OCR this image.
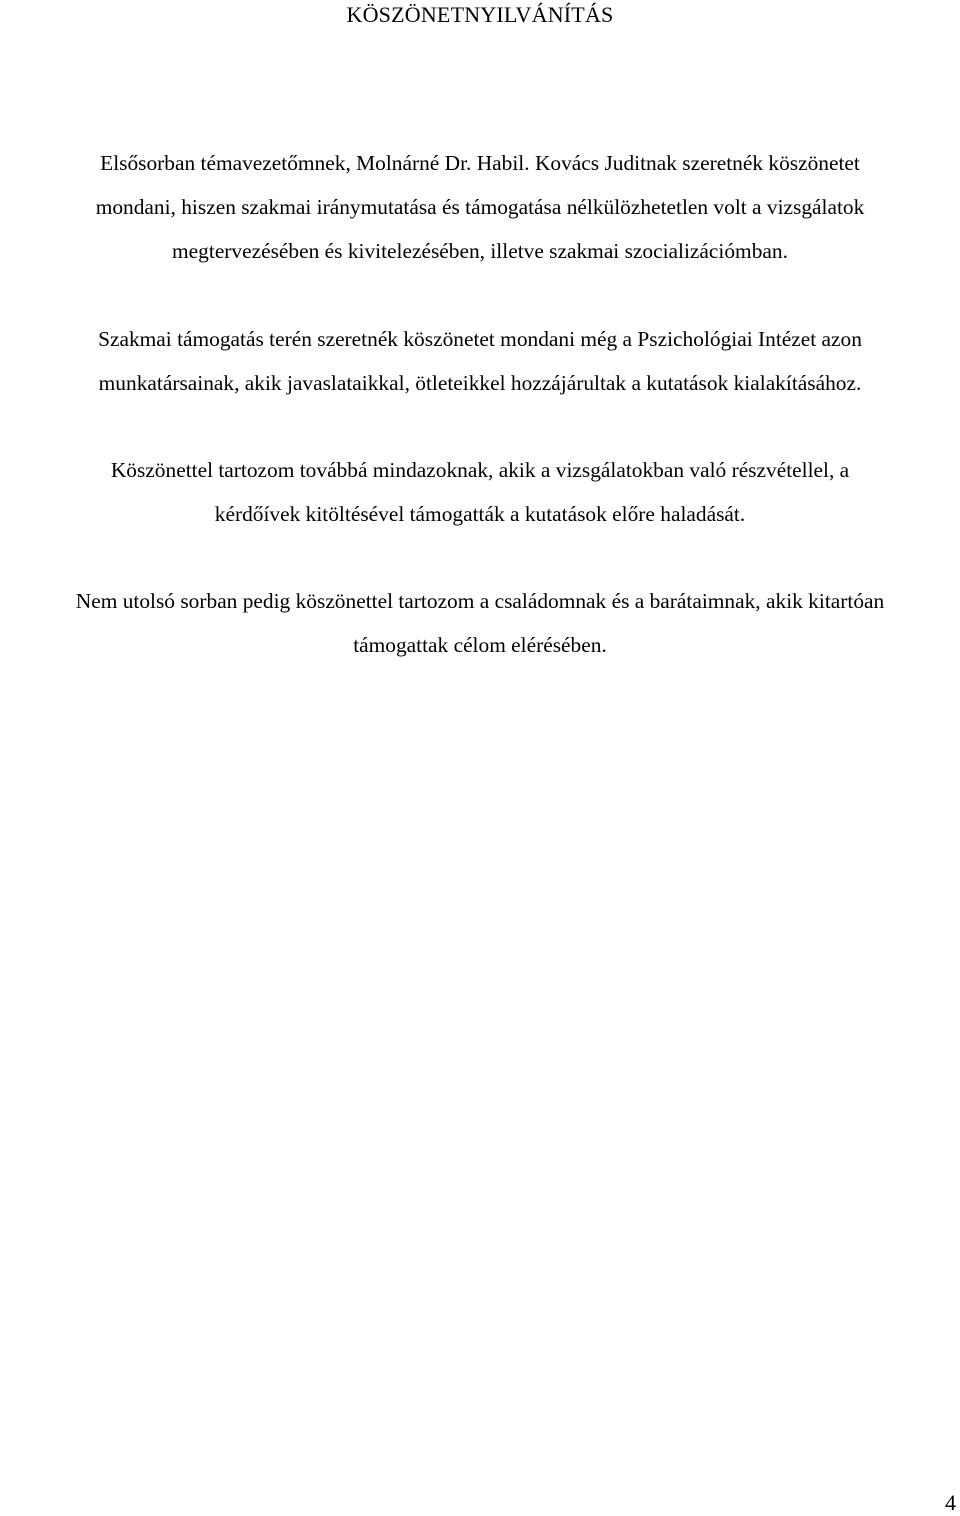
KÖSZÖNETNYILVÁNÍTÁS

Elsősorban témavezetőmnek, Molnárné Dr. Habil. Kovács Juditnak szeretnék köszönetet
mondani, hiszen szakmai iránymutatása és támogatása nélkülözhetetlen volt a vizsgálatok
megtervezésében és kivitelezésében, illetve szakmai szocializációmban.

Szakmai támogatás terén szeretnék köszönetet mondani még a Pszichológiai Intézet azon
munkatársainak, akik javaslataikkal, ötleteikkel hozzájárultak a kutatások kialakításához.

Köszönettel tartozom továbbá mindazoknak, akik a vizsgálatokban való részvétellel, a
kérdőívek kitöltésével támogatták a kutatások előre haladását.

Nem utolsó sorban pedig köszönettel tartozom a családomnak és a barátaimnak, akik kitartóan
támogattak célom elérésében.

4
